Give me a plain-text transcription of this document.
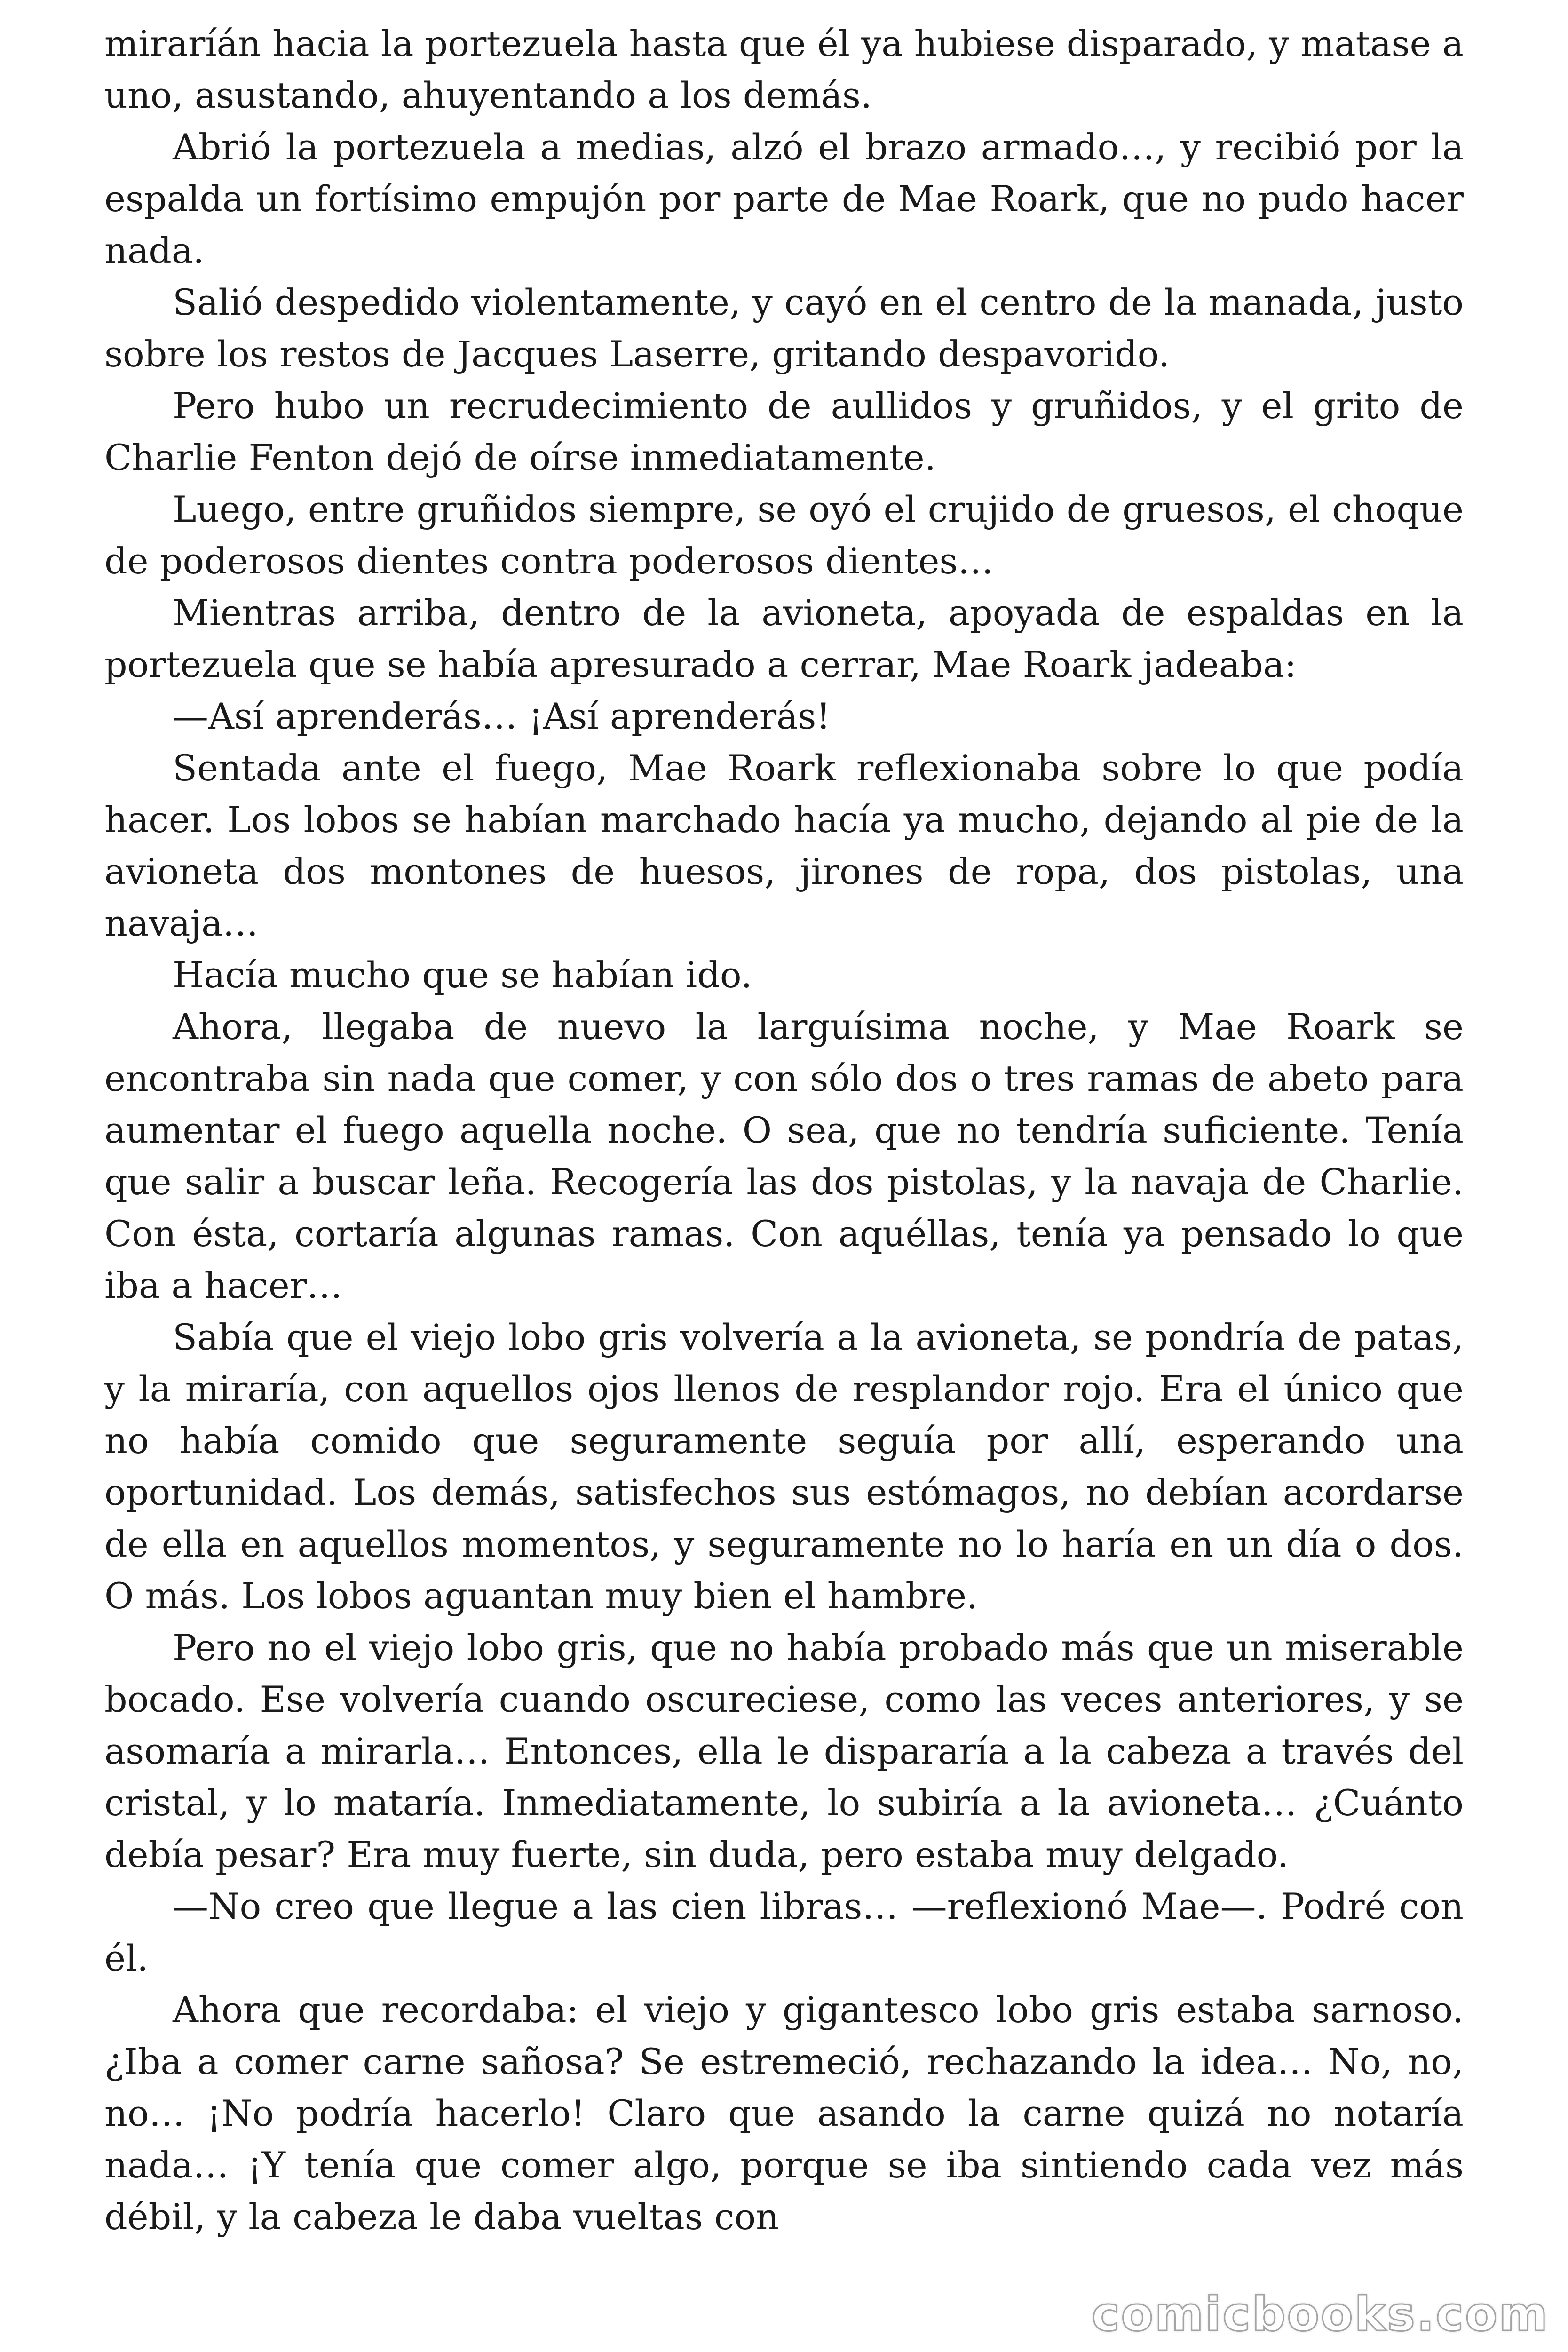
miraríán hacia la portezuela hasta que él ya hubiese disparado, y matase a uno, asustando, ahuyentando a los demás.

Abrió la portezuela a medias, alzó el brazo armado…, y recibió por la espalda un fortísimo empujón por parte de Mae Roark, que no pudo hacer nada.

Salió despedido violentamente, y cayó en el centro de la manada, justo sobre los restos de Jacques Laserre, gritando despavorido.

Pero hubo un recrudecimiento de aullidos y gruñidos, y el grito de Charlie Fenton dejó de oírse inmediatamente.

Luego, entre gruñidos siempre, se oyó el crujido de gruesos, el choque de poderosos dientes contra poderosos dientes…

Mientras arriba, dentro de la avioneta, apoyada de espaldas en la portezuela que se había apresurado a cerrar, Mae Roark jadeaba:

—Así aprenderás… ¡Así aprenderás!

Sentada ante el fuego, Mae Roark reflexionaba sobre lo que podía hacer. Los lobos se habían marchado hacía ya mucho, dejando al pie de la avioneta dos montones de huesos, jirones de ropa, dos pistolas, una navaja…

Hacía mucho que se habían ido.

Ahora, llegaba de nuevo la larguísima noche, y Mae Roark se encontraba sin nada que comer, y con sólo dos o tres ramas de abeto para aumentar el fuego aquella noche. O sea, que no tendría suficiente. Tenía que salir a buscar leña. Recogería las dos pistolas, y la navaja de Charlie. Con ésta, cortaría algunas ramas. Con aquéllas, tenía ya pensado lo que iba a hacer…

Sabía que el viejo lobo gris volvería a la avioneta, se pondría de patas, y la miraría, con aquellos ojos llenos de resplandor rojo. Era el único que no había comido que seguramente seguía por allí, esperando una oportunidad. Los demás, satisfechos sus estómagos, no debían acordarse de ella en aquellos momentos, y seguramente no lo haría en un día o dos. O más. Los lobos aguantan muy bien el hambre.

Pero no el viejo lobo gris, que no había probado más que un miserable bocado. Ese volvería cuando oscureciese, como las veces anteriores, y se asomaría a mirarla… Entonces, ella le dispararía a la cabeza a través del cristal, y lo mataría. Inmediatamente, lo subiría a la avioneta… ¿Cuánto debía pesar? Era muy fuerte, sin duda, pero estaba muy delgado.

—No creo que llegue a las cien libras… —reflexionó Mae—. Podré con él.

Ahora que recordaba: el viejo y gigantesco lobo gris estaba sarnoso. ¿Iba a comer carne sañosa? Se estremeció, rechazando la idea… No, no, no… ¡No podría hacerlo! Claro que asando la carne quizá no notaría nada… ¡Y tenía que comer algo, porque se iba sintiendo cada vez más débil, y la cabeza le daba vueltas con

comicbooks.com
